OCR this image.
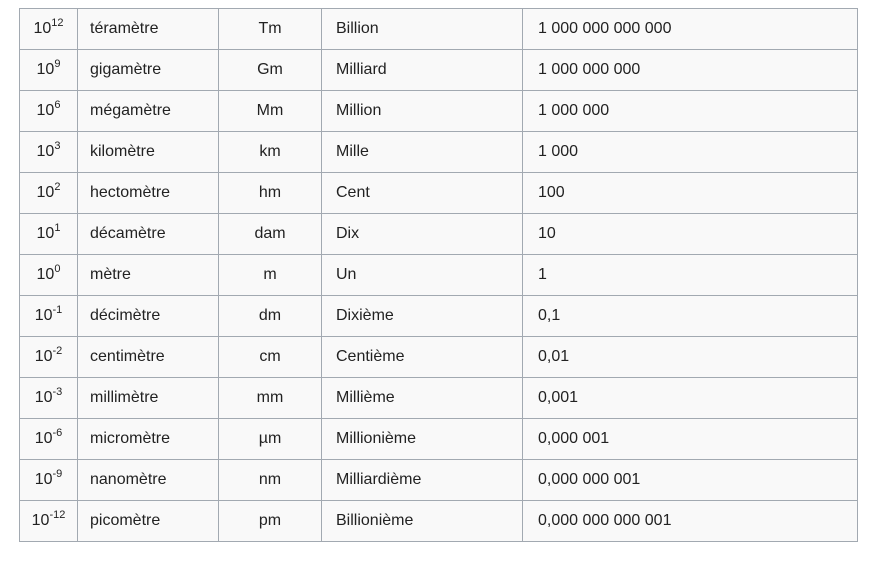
$10^{12}$	téramètre	Tm	Billion	1 000 000 000 000
$10^9$	gigamètre	Gm	Milliard	1 000 000 000
$10^6$	mégamètre	Mm	Million	1 000 000
$10^3$	kilomètre	km	Mille	1 000
$10^2$	hectomètre	hm	Cent	100
$10^1$	décamètre	dam	Dix	10
$10^0$	mètre	m	Un	1
$10^{-1}$	décimètre	dm	Dixième	0,1
$10^{-2}$	centimètre	cm	Centième	0,01
$10^{-3}$	millimètre	mm	Millième	0,001
$10^{-6}$	micromètre	µm	Millionième	0,000 001
$10^{-9}$	nanomètre	nm	Milliardième	0,000 000 001
$10^{-12}$	picomètre	pm	Billionième	0,000 000 000 001
